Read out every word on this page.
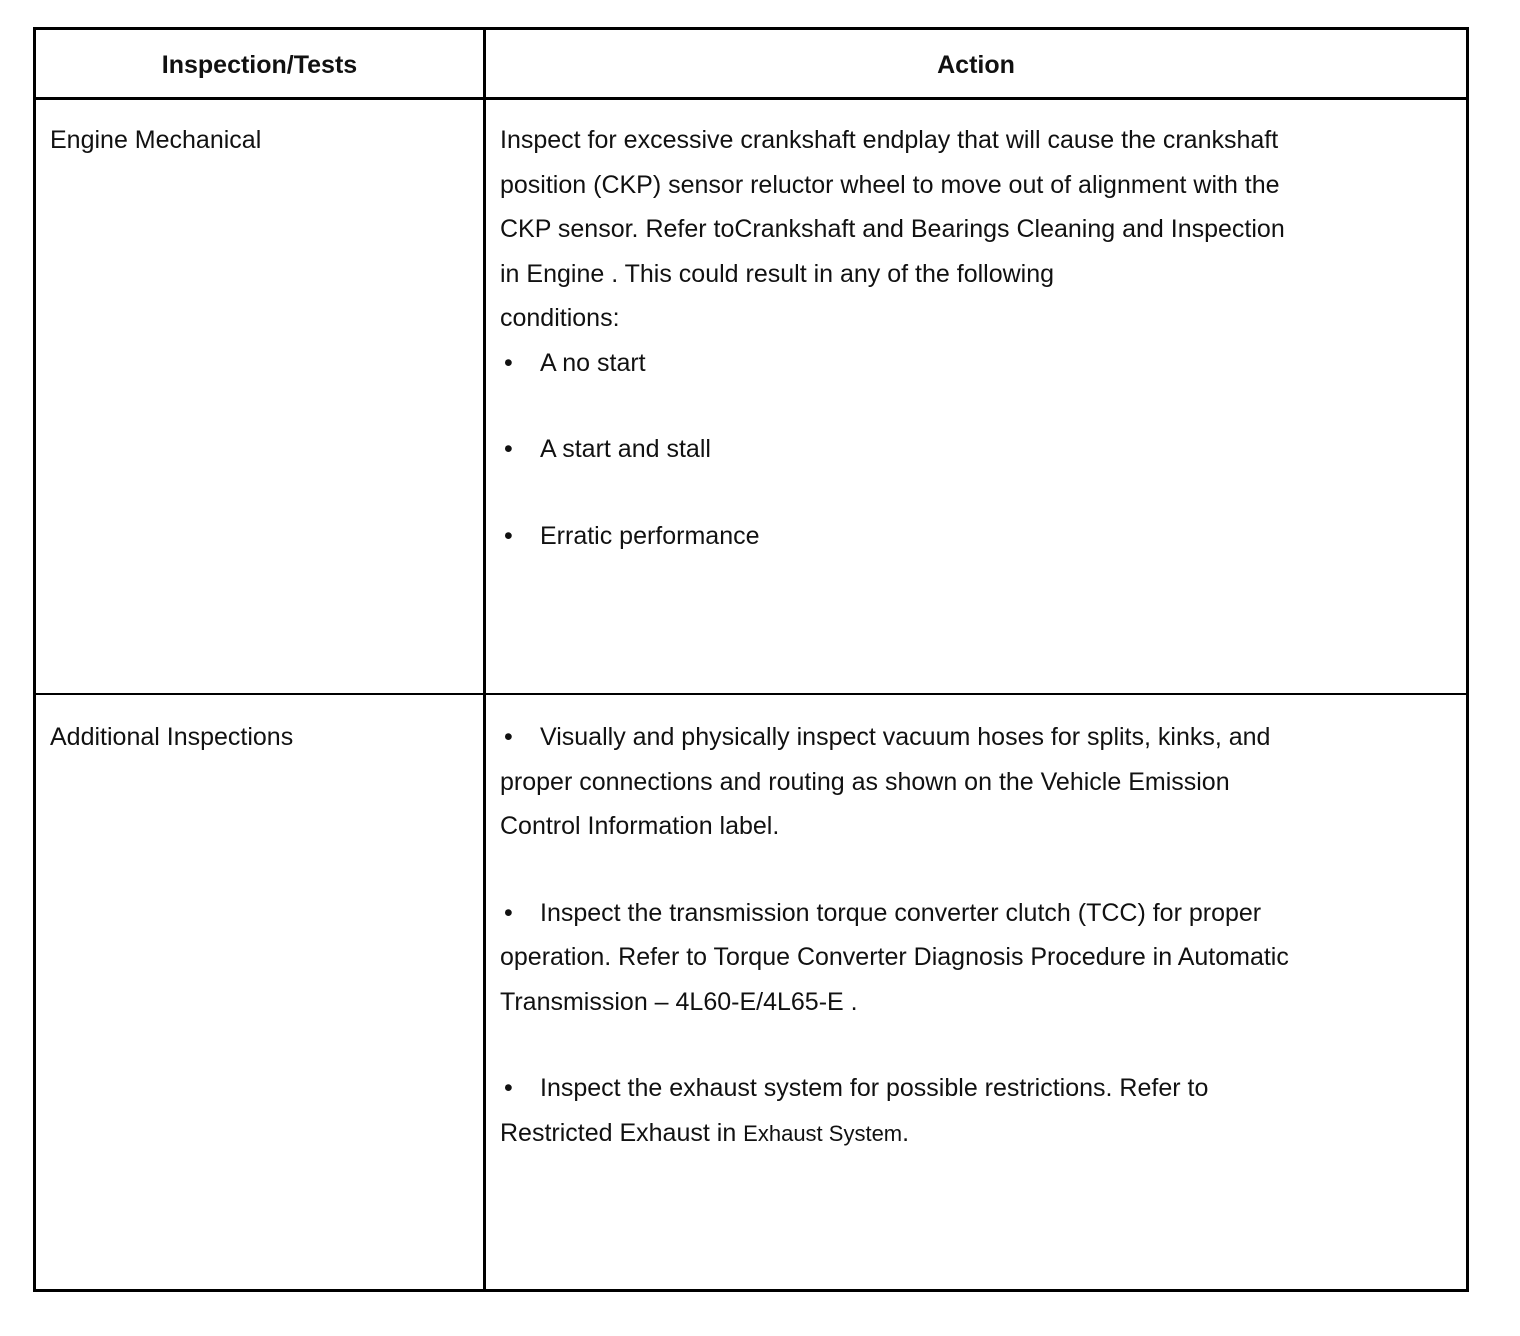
Inspection/Tests	Action
Engine Mechanical	Inspect for excessive crankshaft endplay that will cause the crankshaft

position (CKP) sensor reluctor wheel to move out of alignment with the

CKP sensor. Refer toCrankshaft and Bearings Cleaning and Inspection

in Engine . This could result in any of the following

conditions:

•	A no start
•	A start and stall
•	Erratic performance
Additional Inspections	• Visually and physically inspect vacuum hoses for splits, kinks, and
proper connections and routing as shown on the Vehicle Emission
Control Information label.
• Inspect the transmission torque converter clutch (TCC) for proper
operation. Refer to Torque Converter Diagnosis Procedure in Automatic
Transmission – 4L60-E/4L65-E .
• Inspect the exhaust system for possible restrictions. Refer to
Restricted Exhaust in Exhaust System.
